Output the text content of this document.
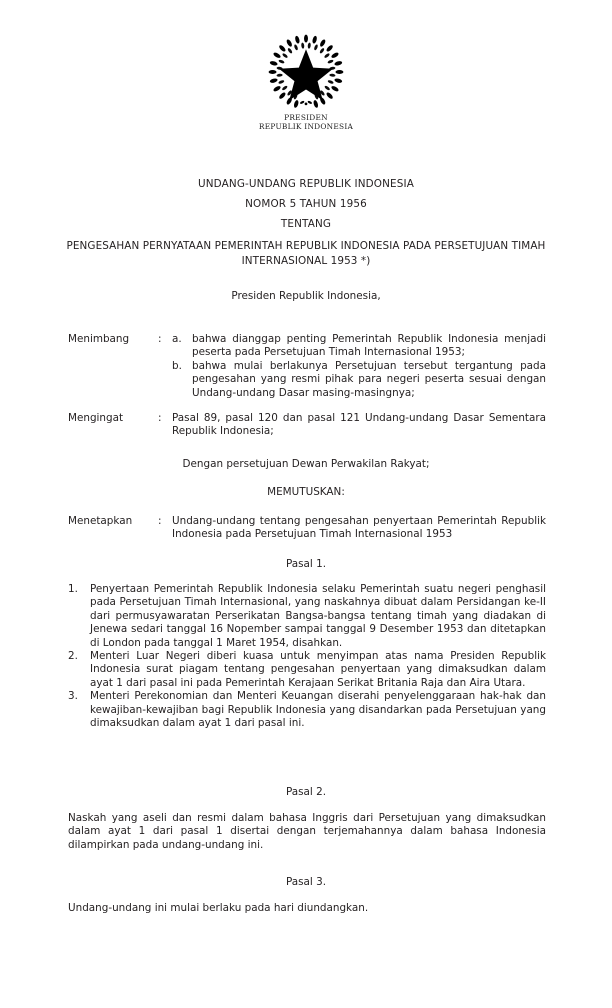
PRESIDEN
REPUBLIK INDONESIA
UNDANG-UNDANG REPUBLIK INDONESIA
NOMOR 5 TAHUN 1956
TENTANG
PENGESAHAN PERNYATAAN PEMERINTAH REPUBLIK INDONESIA PADA PERSETUJUAN TIMAH INTERNASIONAL 1953 *)
Presiden Republik Indonesia,
Menimbang	: a. bahwa dianggap penting Pemerintah Republik Indonesia menjadi peserta pada Persetujuan Timah Internasional 1953;
b. bahwa mulai berlakunya Persetujuan tersebut tergantung pada pengesahan yang resmi pihak para negeri peserta sesuai dengan Undang-undang Dasar masing-masingnya;
Mengingat	: Pasal 89, pasal 120 dan pasal 121 Undang-undang Dasar Sementara Republik Indonesia;
Dengan persetujuan Dewan Perwakilan Rakyat;
MEMUTUSKAN:
Menetapkan	: Undang-undang tentang pengesahan penyertaan Pemerintah Republik Indonesia pada Persetujuan Timah Internasional 1953
Pasal 1.
1. Penyertaan Pemerintah Republik Indonesia selaku Pemerintah suatu negeri penghasil pada Persetujuan Timah Internasional, yang naskahnya dibuat dalam Persidangan ke-II dari permusyawaratan Perserikatan Bangsa-bangsa tentang timah yang diadakan di Jenewa sedari tanggal 16 Nopember sampai tanggal 9 Desember 1953 dan ditetapkan di London pada tanggal 1 Maret 1954, disahkan.
2. Menteri Luar Negeri diberi kuasa untuk menyimpan atas nama Presiden Republik Indonesia surat piagam tentang pengesahan penyertaan yang dimaksudkan dalam ayat 1 dari pasal ini pada Pemerintah Kerajaan Serikat Britania Raja dan Aira Utara.
3. Menteri Perekonomian dan Menteri Keuangan diserahi penyelenggaraan hak-hak dan kewajiban-kewajiban bagi Republik Indonesia yang disandarkan pada Persetujuan yang dimaksudkan dalam ayat 1 dari pasal ini.
Pasal 2.
Naskah yang aseli dan resmi dalam bahasa Inggris dari Persetujuan yang dimaksudkan dalam ayat 1 dari pasal 1 disertai dengan terjemahannya dalam bahasa Indonesia dilampirkan pada undang-undang ini.
Pasal 3.
Undang-undang ini mulai berlaku pada hari diundangkan.
